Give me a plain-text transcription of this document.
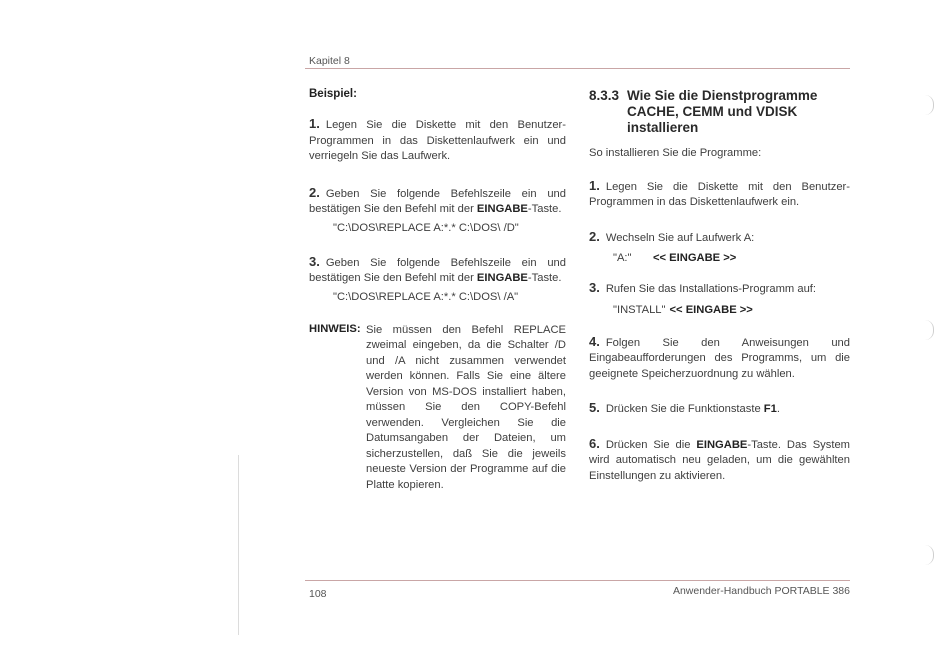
Kapitel 8
Beispiel:
1. Legen Sie die Diskette mit den Benutzer-Programmen in das Diskettenlaufwerk ein und verriegeln Sie das Laufwerk.
2. Geben Sie folgende Befehlszeile ein und bestätigen Sie den Befehl mit der EINGABE-Taste.
"C:\DOS\REPLACE A:*.* C:\DOS\ /D"
3. Geben Sie folgende Befehlszeile ein und bestätigen Sie den Befehl mit der EINGABE-Taste.
"C:\DOS\REPLACE A:*.* C:\DOS\ /A"
HINWEIS: Sie müssen den Befehl REPLACE zweimal eingeben, da die Schalter /D und /A nicht zusammen verwendet werden können. Falls Sie eine ältere Version von MS-DOS installiert haben, müssen Sie den COPY-Befehl verwenden. Vergleichen Sie die Datumsangaben der Dateien, um sicherzustellen, daß Sie die jeweils neueste Version der Programme auf die Platte kopieren.
8.3.3 Wie Sie die Dienstprogramme CACHE, CEMM und VDISK installieren
So installieren Sie die Programme:
1. Legen Sie die Diskette mit den Benutzer-Programmen in das Diskettenlaufwerk ein.
2. Wechseln Sie auf Laufwerk A:
"A:" << EINGABE >>
3. Rufen Sie das Installations-Programm auf:
"INSTALL" << EINGABE >>
4. Folgen Sie den Anweisungen und Eingabeaufforderungen des Programms, um die geeignete Speicherzuordnung zu wählen.
5. Drücken Sie die Funktionstaste F1.
6. Drücken Sie die EINGABE-Taste. Das System wird automatisch neu geladen, um die gewählten Einstellungen zu aktivieren.
108	Anwender-Handbuch PORTABLE 386
